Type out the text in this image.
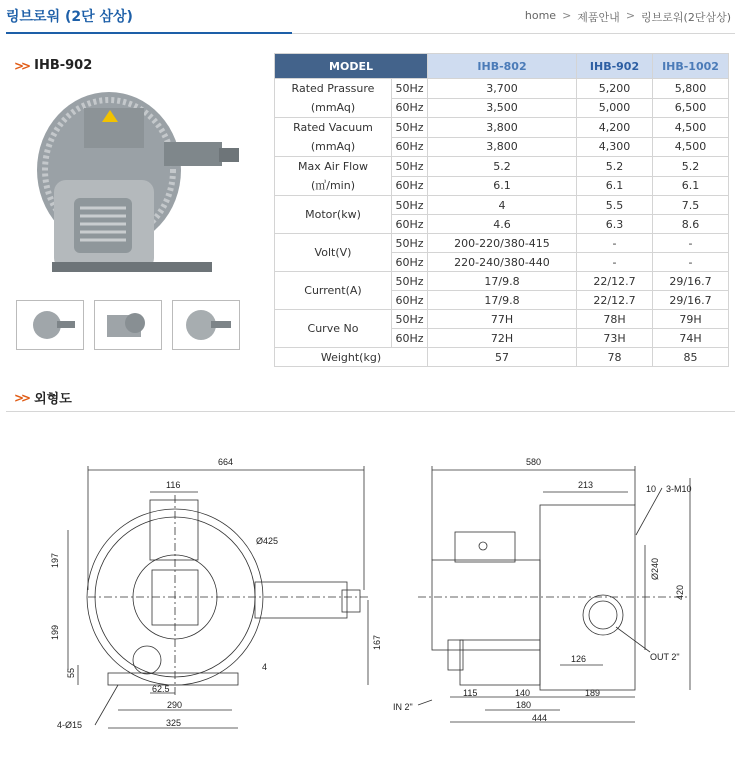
링브로워 (2단 삼상)	home > 제품안내 > 링브로워(2단삼상)
>> IHB-902	MODEL		IHB-802	IHB-902	IHB-1002

Rated Prassure
(mmAq)	50Hz	3,700	5,200	5,800
	60Hz	3,500	5,000	6,500

Rated Vacuum
(mmAq)	50Hz	3,800	4,200	4,500
	60Hz	3,800	4,300	4,500

Max Air Flow
(㎥/min)	50Hz	5.2	5.2	5.2
	60Hz	6.1	6.1	6.1

Motor(kw)	50Hz	4	5.5	7.5
	60Hz	4.6	6.3	8.6

Volt(V)	50Hz	200-220/380-415	-	-
	60Hz	220-240/380-440	-	-

Current(A)	50Hz	17/9.8	22/12.7	29/16.7
	60Hz	17/9.8	22/12.7	29/16.7

Curve No	50Hz	77H	78H	79H
	60Hz	72H	73H	74H
Weight(kg)		57	78	85
>> 외형도
664
116
Ø425
197
199
55
167
4
62.5
290
325
4-Ø15
580
213	10 3-M10
Ø240
420
OUT 2"
126
IN 2"
115	140	189
180
444
